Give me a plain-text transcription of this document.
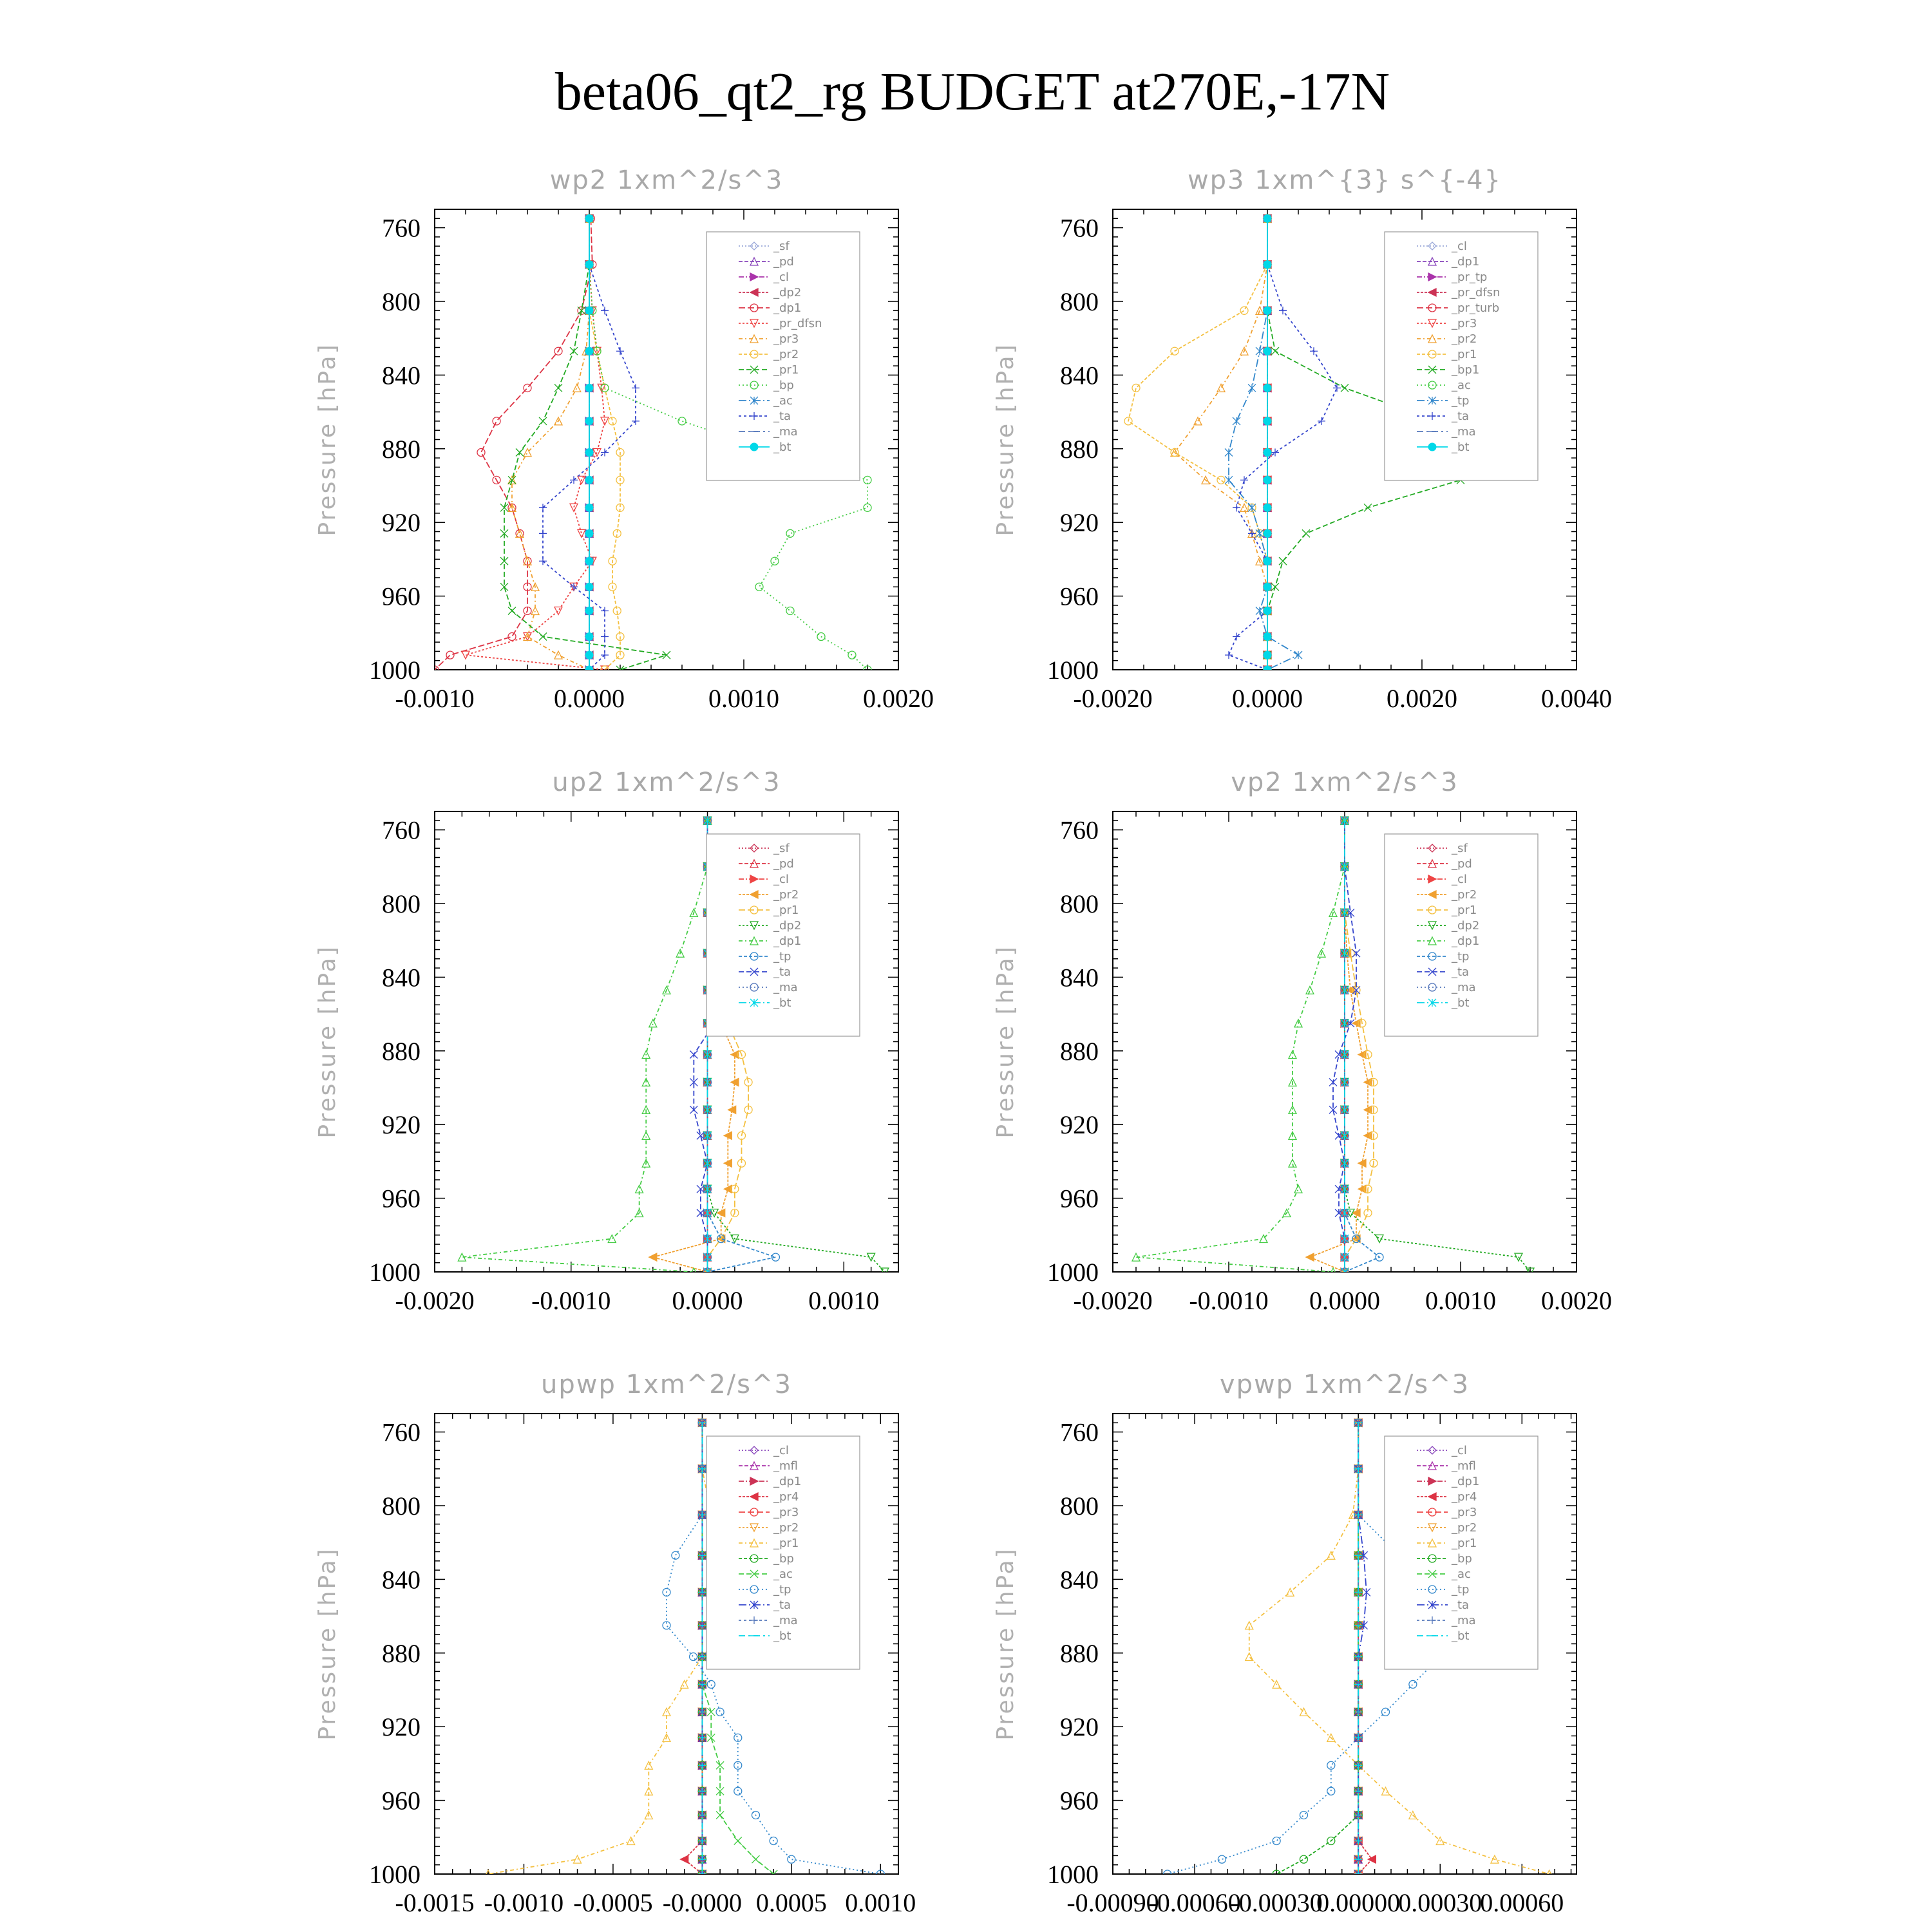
beta06_qt2_rg BUDGET at270E,-17N
wp2 1xm^2/s^3
Pressure [hPa]
760
800
840
880
920
960
1000
-0.0010	0.0000	0.0010	0.0020
_sf
_pd
_cl
_dp2
_dp1
_pr_dfsn
_pr3
_pr2
_pr1
_bp
_ac
_ta
_ma
_bt
wp3 1xm^{3} s^{-4}
Pressure [hPa]
760
800
840
880
920
960
1000
-0.0020	0.0000	0.0020	0.0040
_cl
_dp1
_pr_tp
_pr_dfsn
_pr_turb
_pr3
_pr2
_pr1
_bp1
_ac
_tp
_ta
_ma
_bt
up2 1xm^2/s^3
Pressure [hPa]
760
800
840
880
920
960
1000
-0.0020 -0.0010 0.0000	0.0010
_sf
_pd
_cl
_pr2
_pr1
_dp2
_dp1
_tp
_ta
_ma
_bt
vp2 1xm^2/s^3
Pressure [hPa]
760
800
840
880
920
960
1000
-0.0020 -0.0010 0.0000 0.0010 0.0020
_sf
_pd
_cl
_pr2
_pr1
_dp2
_dp1
_tp
_ta
_ma
_bt
upwp 1xm^2/s^3
Pressure [hPa]
760
800
840
880
920
960
1000
-0.0015 -0.0010 -0.0005 -0.0000 0.0005 0.0010
_cl
_mfl
_dp1
_pr4
_pr3
_pr2
_pr1
_bp
_ac
_tp
_ta
_ma
_bt
vpwp 1xm^2/s^3
Pressure [hPa]
760
800
840
880
920
960
1000
-0.00090
-0.00060
-0.00030
0.00000
0.00030
0.00060
_cl
_mfl
_dp1
_pr4
_pr3
_pr2
_pr1
_bp
_ac
_tp
_ta
_ma
_bt
